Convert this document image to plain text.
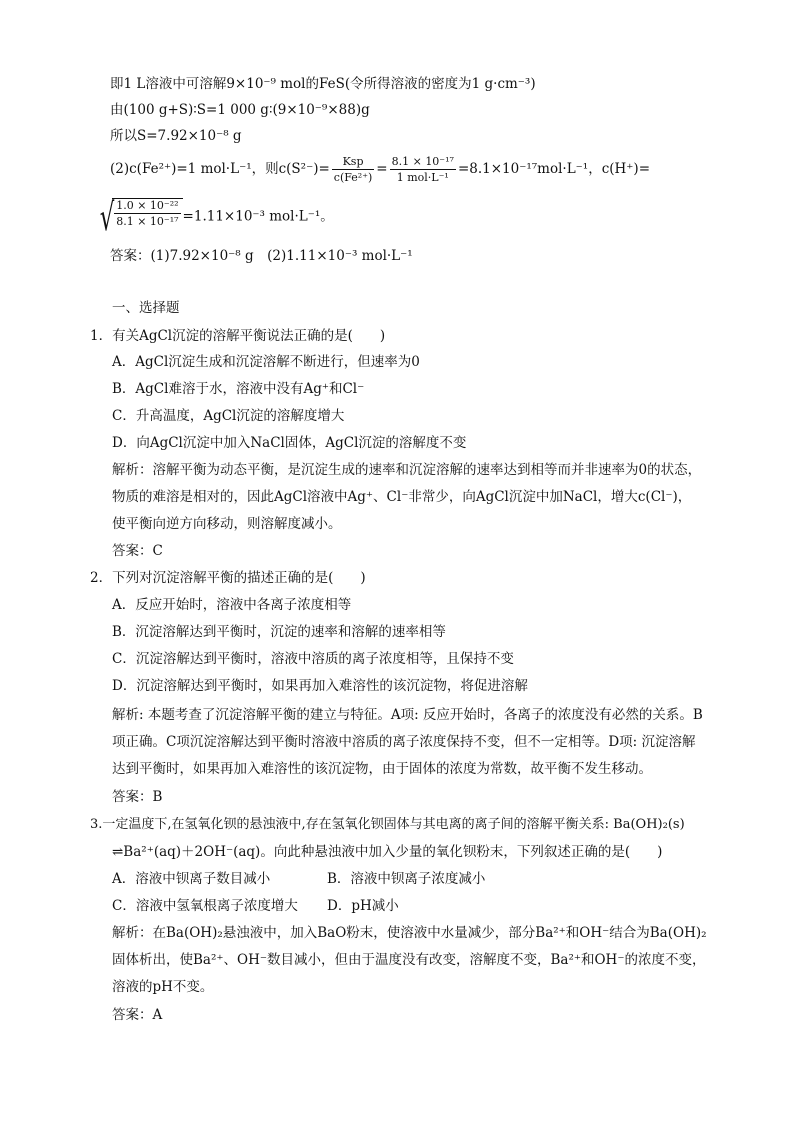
即1 L溶液中可溶解9×10⁻⁹ mol的FeS(令所得溶液的密度为1 g·cm⁻³)
由(100 g+S)∶S=1 000 g∶(9×10⁻⁹×88)g
所以S=7.92×10⁻⁸ g
(2)c(Fe²⁺)=1 mol·L⁻¹，则$c(S^{2-})= \frac{\text{Ksp}}{\text{c(Fe²⁺)}} = \frac{\text{8.1 × 10⁻¹⁷}}{\text{1 mol·L⁻¹}} =8.1\times 10^{-17}mol\cdot L^{-1}$，c(H⁺)=
√ $\frac{\text{1.0 × 10⁻²²}}{\text{8.1 × 10⁻¹⁷}} =1.11\times 10^{-3}$ mol·L⁻¹。
答案：(1)7.92×10⁻⁸ g　(2)1.11×10⁻³ mol·L⁻¹
一、选择题
1．有关AgCl沉淀的溶解平衡说法正确的是(　　)
A．AgCl沉淀生成和沉淀溶解不断进行，但速率为0
B．AgCl难溶于水，溶液中没有Ag⁺和Cl⁻
C．升高温度，AgCl沉淀的溶解度增大
D．向AgCl沉淀中加入NaCl固体，AgCl沉淀的溶解度不变
解析：溶解平衡为动态平衡，是沉淀生成的速率和沉淀溶解的速率达到相等而并非速率为0的状态，
物质的难溶是相对的，因此AgCl溶液中Ag⁺、Cl⁻非常少，向AgCl沉淀中加NaCl，增大c(Cl⁻)，
使平衡向逆方向移动，则溶解度减小。
答案：C
2．下列对沉淀溶解平衡的描述正确的是(　　)
A．反应开始时，溶液中各离子浓度相等
B．沉淀溶解达到平衡时，沉淀的速率和溶解的速率相等
C．沉淀溶解达到平衡时，溶液中溶质的离子浓度相等，且保持不变
D．沉淀溶解达到平衡时，如果再加入难溶性的该沉淀物，将促进溶解
解析: 本题考查了沉淀溶解平衡的建立与特征。A项: 反应开始时，各离子的浓度没有必然的关系。B
项正确。C项沉淀溶解达到平衡时溶液中溶质的离子浓度保持不变，但不一定相等。D项: 沉淀溶解
达到平衡时，如果再加入难溶性的该沉淀物，由于固体的浓度为常数，故平衡不发生移动。
答案：B
3.一定温度下,在氢氧化钡的悬浊液中,存在氢氧化钡固体与其电离的离子间的溶解平衡关系: Ba(OH)₂(s)
⇌Ba²⁺(aq)＋2OH⁻(aq)。向此种悬浊液中加入少量的氧化钡粉末，下列叙述正确的是(　　)
A．溶液中钡离子数目减小	B．溶液中钡离子浓度减小
C．溶液中氢氧根离子浓度增大 D．pH减小
解析：在Ba(OH)₂悬浊液中，加入BaO粉末，使溶液中水量减少，部分Ba²⁺和OH⁻结合为Ba(OH)₂
固体析出，使Ba²⁺、OH⁻数目减小，但由于温度没有改变，溶解度不变，Ba²⁺和OH⁻的浓度不变，
溶液的pH不变。
答案：A
